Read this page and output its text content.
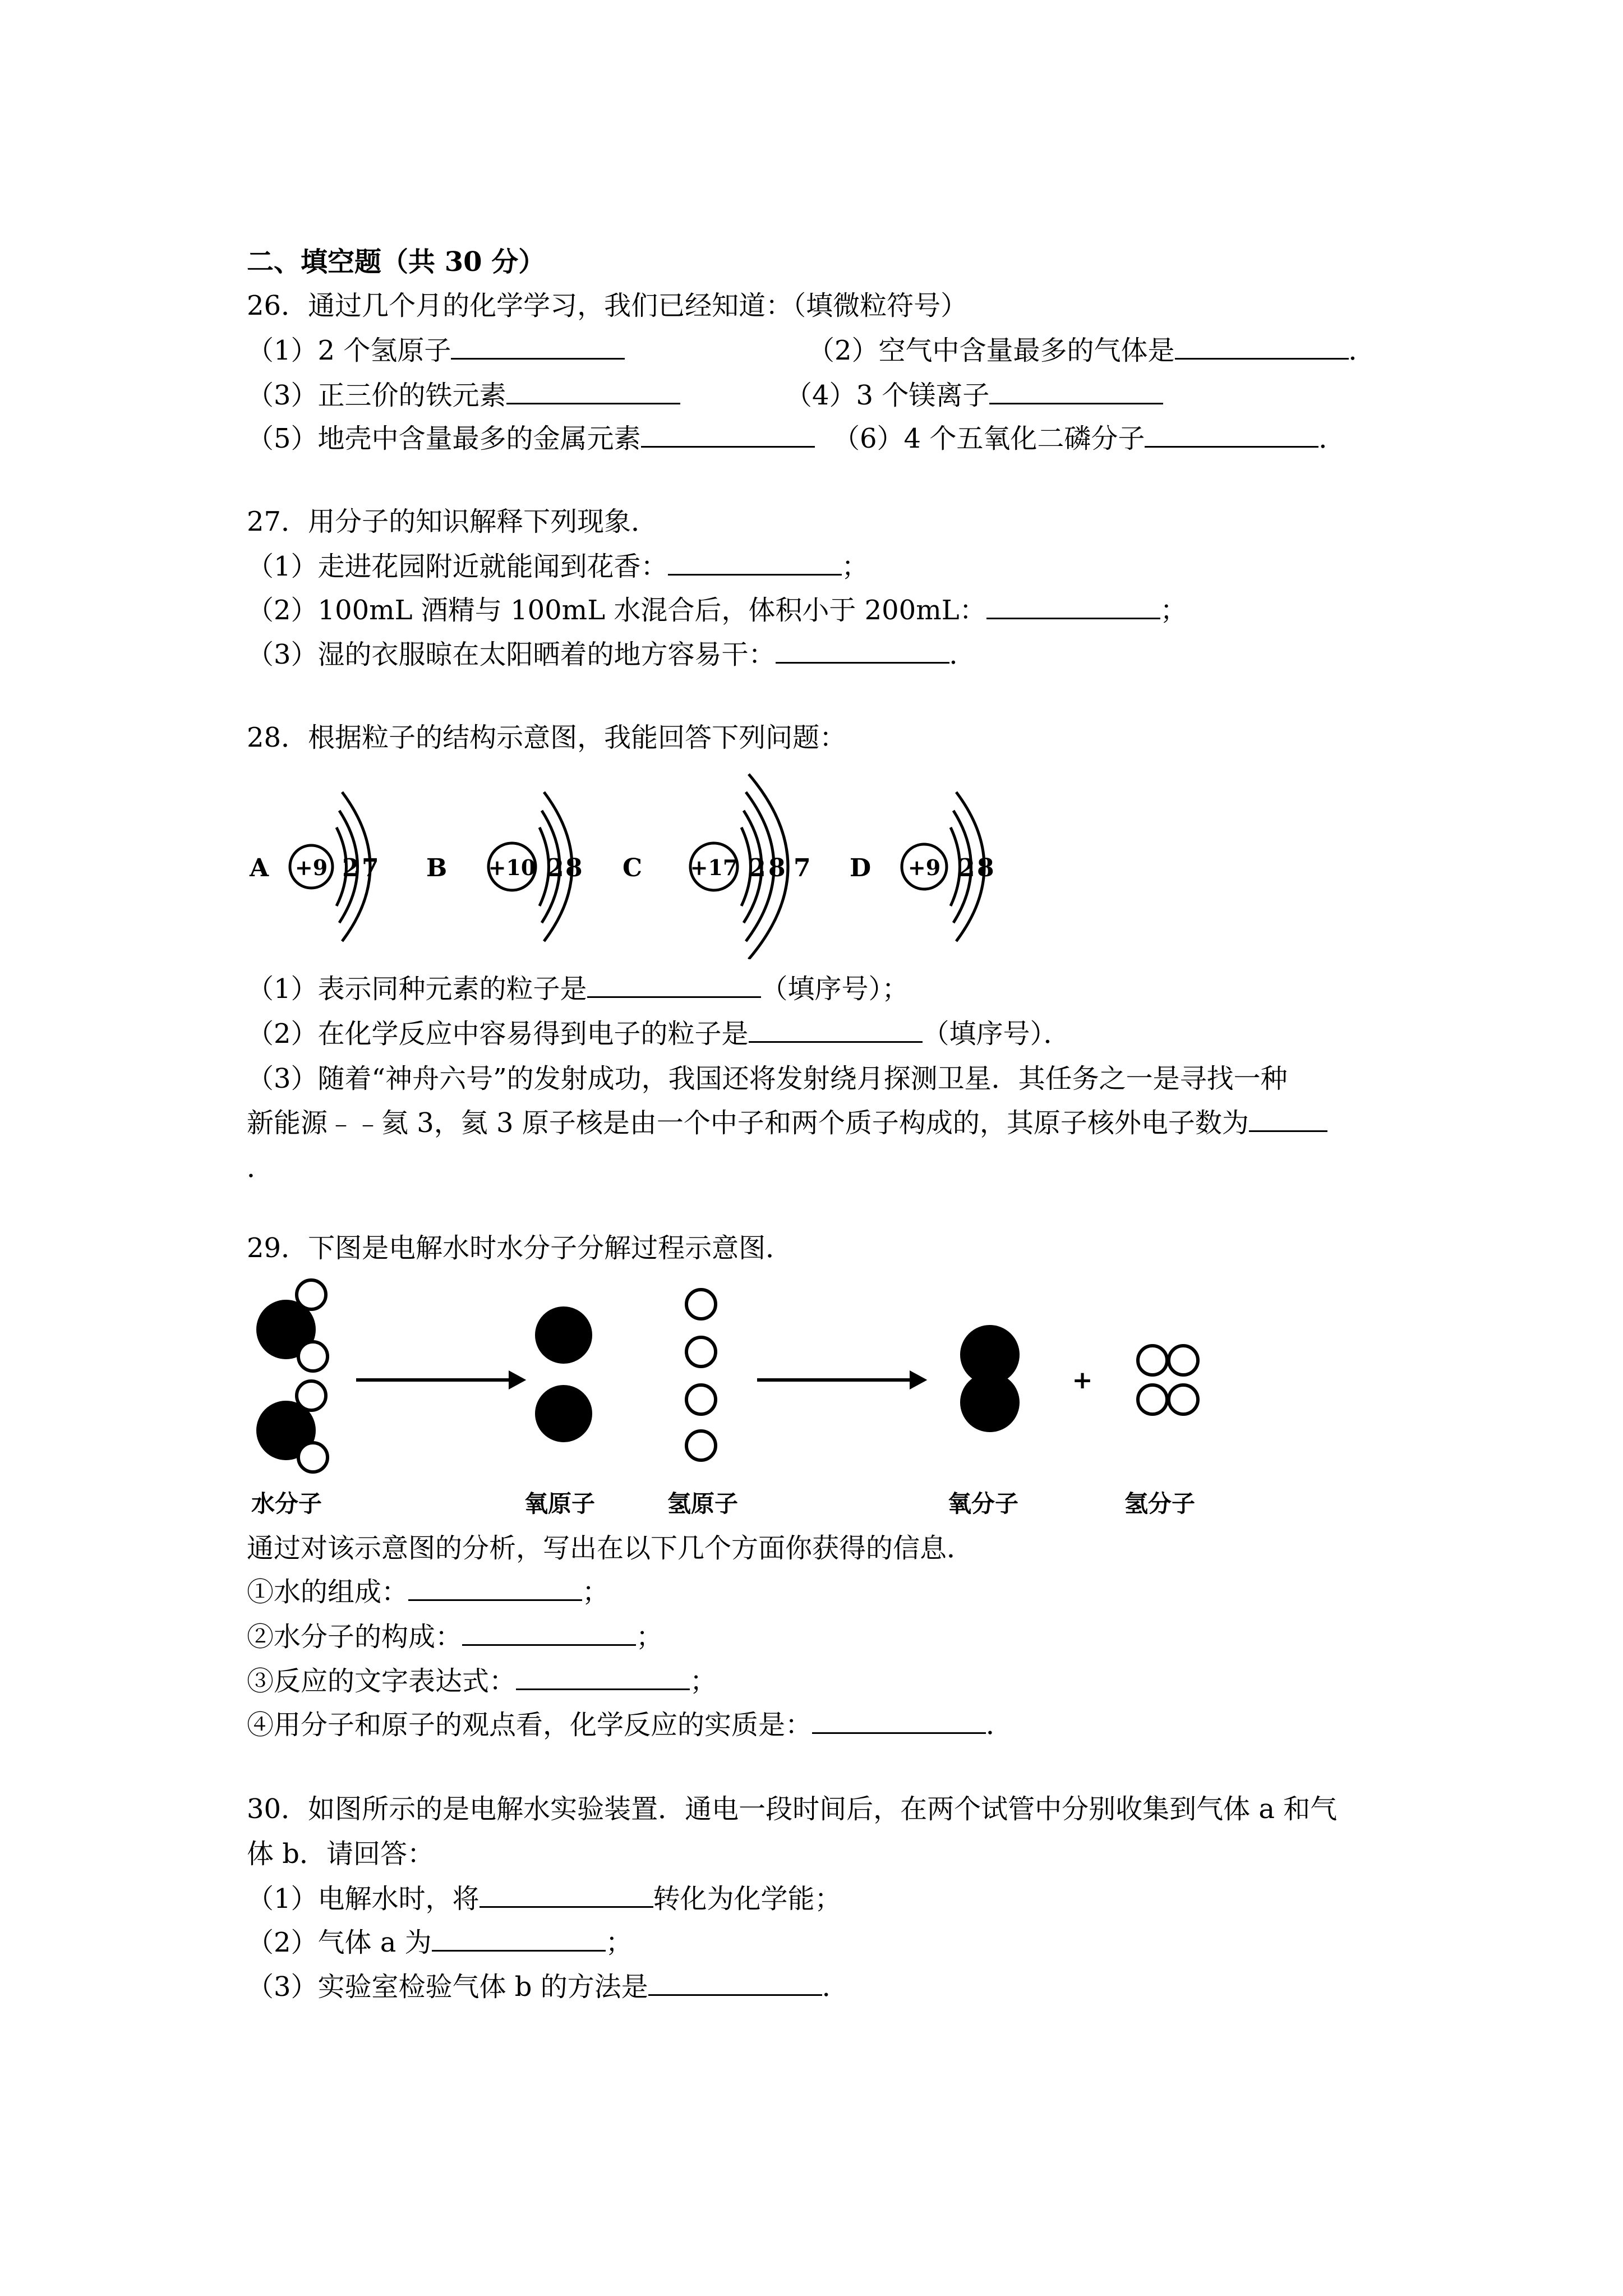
二、填空题（共 30 分）
26．通过几个月的化学学习，我们已经知道：（填微粒符号）
（1）2 个氢原子	（2）空气中含量最多的气体是	．
（3）正三价的铁元素	（4）3 个镁离子
（5）地壳中含量最多的金属元素	（6）4 个五氧化二磷分子	．
27．用分子的知识解释下列现象．
（1）走进花园附近就能闻到花香：	；
（2）100mL 酒精与 100mL 水混合后，体积小于 200mL：	；
（3）湿的衣服晾在太阳晒着的地方容易干：	．
28．根据粒子的结构示意图，我能回答下列问题：
A +9 2 7 B +10 2 8 C +17 2 8 7 D +9 2 8
（1）表示同种元素的粒子是	（填序号）；
（2）在化学反应中容易得到电子的粒子是	（填序号）．
（3）随着“神舟六号”的发射成功，我国还将发射绕月探测卫星．其任务之一是寻找一种
新能源﹣﹣氦 3，氦 3 原子核是由一个中子和两个质子构成的，其原子核外电子数为
．
29．下图是电解水时水分子分解过程示意图．
+
水分子	氧原子	氢原子	氧分子	氢分子
通过对该示意图的分析，写出在以下几个方面你获得的信息．
①水的组成：	；
②水分子的构成：	；
③反应的文字表达式：	；
④用分子和原子的观点看，化学反应的实质是：	．
30．如图所示的是电解水实验装置．通电一段时间后，在两个试管中分别收集到气体 a 和气
体 b．请回答：
（1）电解水时，将	转化为化学能；
（2）气体 a 为	；
（3）实验室检验气体 b 的方法是	．
